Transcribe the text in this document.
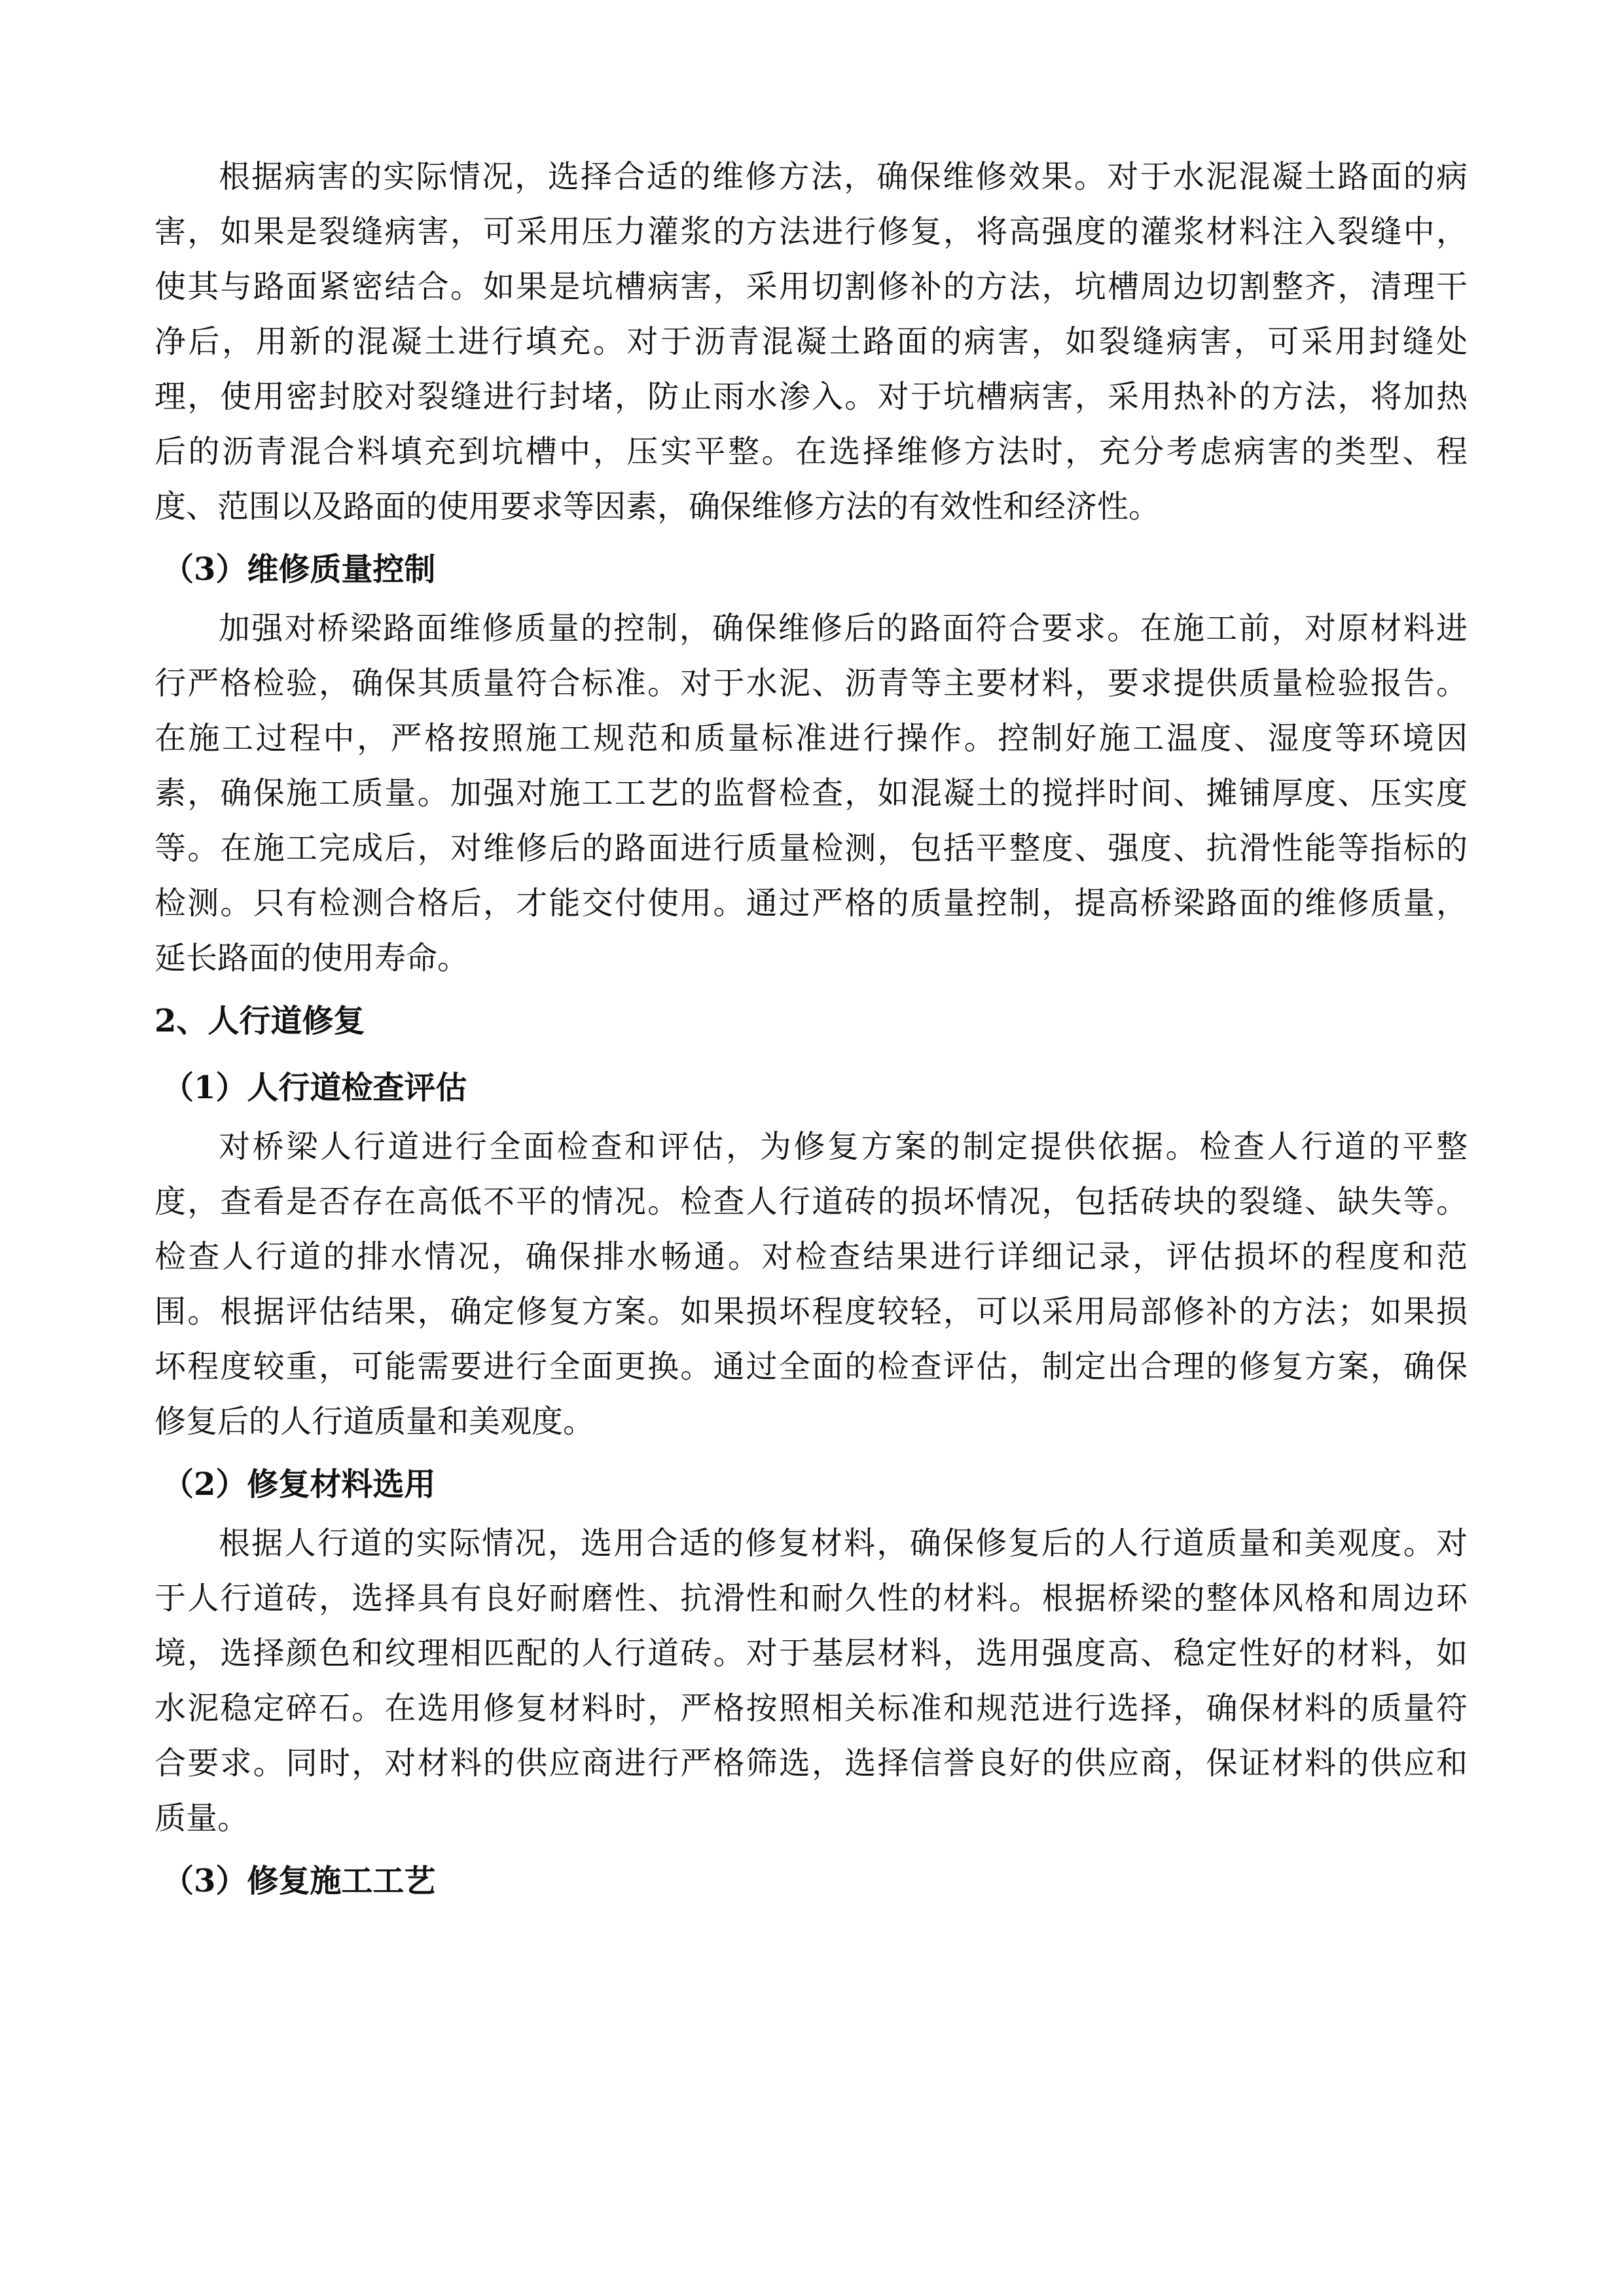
根据病害的实际情况，选择合适的维修方法，确保维修效果。对于水泥混凝土路面的病
害，如果是裂缝病害，可采用压力灌浆的方法进行修复，将高强度的灌浆材料注入裂缝中，
使其与路面紧密结合。如果是坑槽病害，采用切割修补的方法，坑槽周边切割整齐，清理干
净后，用新的混凝土进行填充。对于沥青混凝土路面的病害，如裂缝病害，可采用封缝处
理，使用密封胶对裂缝进行封堵，防止雨水渗入。对于坑槽病害，采用热补的方法，将加热
后的沥青混合料填充到坑槽中，压实平整。在选择维修方法时，充分考虑病害的类型、程
度、范围以及路面的使用要求等因素，确保维修方法的有效性和经济性。
（3）维修质量控制
加强对桥梁路面维修质量的控制，确保维修后的路面符合要求。在施工前，对原材料进
行严格检验，确保其质量符合标准。对于水泥、沥青等主要材料，要求提供质量检验报告。
在施工过程中，严格按照施工规范和质量标准进行操作。控制好施工温度、湿度等环境因
素，确保施工质量。加强对施工工艺的监督检查，如混凝土的搅拌时间、摊铺厚度、压实度
等。在施工完成后，对维修后的路面进行质量检测，包括平整度、强度、抗滑性能等指标的
检测。只有检测合格后，才能交付使用。通过严格的质量控制，提高桥梁路面的维修质量，
延长路面的使用寿命。
2、人行道修复
（1）人行道检查评估
对桥梁人行道进行全面检查和评估，为修复方案的制定提供依据。检查人行道的平整
度，查看是否存在高低不平的情况。检查人行道砖的损坏情况，包括砖块的裂缝、缺失等。
检查人行道的排水情况，确保排水畅通。对检查结果进行详细记录，评估损坏的程度和范
围。根据评估结果，确定修复方案。如果损坏程度较轻，可以采用局部修补的方法；如果损
坏程度较重，可能需要进行全面更换。通过全面的检查评估，制定出合理的修复方案，确保
修复后的人行道质量和美观度。
（2）修复材料选用
根据人行道的实际情况，选用合适的修复材料，确保修复后的人行道质量和美观度。对
于人行道砖，选择具有良好耐磨性、抗滑性和耐久性的材料。根据桥梁的整体风格和周边环
境，选择颜色和纹理相匹配的人行道砖。对于基层材料，选用强度高、稳定性好的材料，如
水泥稳定碎石。在选用修复材料时，严格按照相关标准和规范进行选择，确保材料的质量符
合要求。同时，对材料的供应商进行严格筛选，选择信誉良好的供应商，保证材料的供应和
质量。
（3）修复施工工艺
